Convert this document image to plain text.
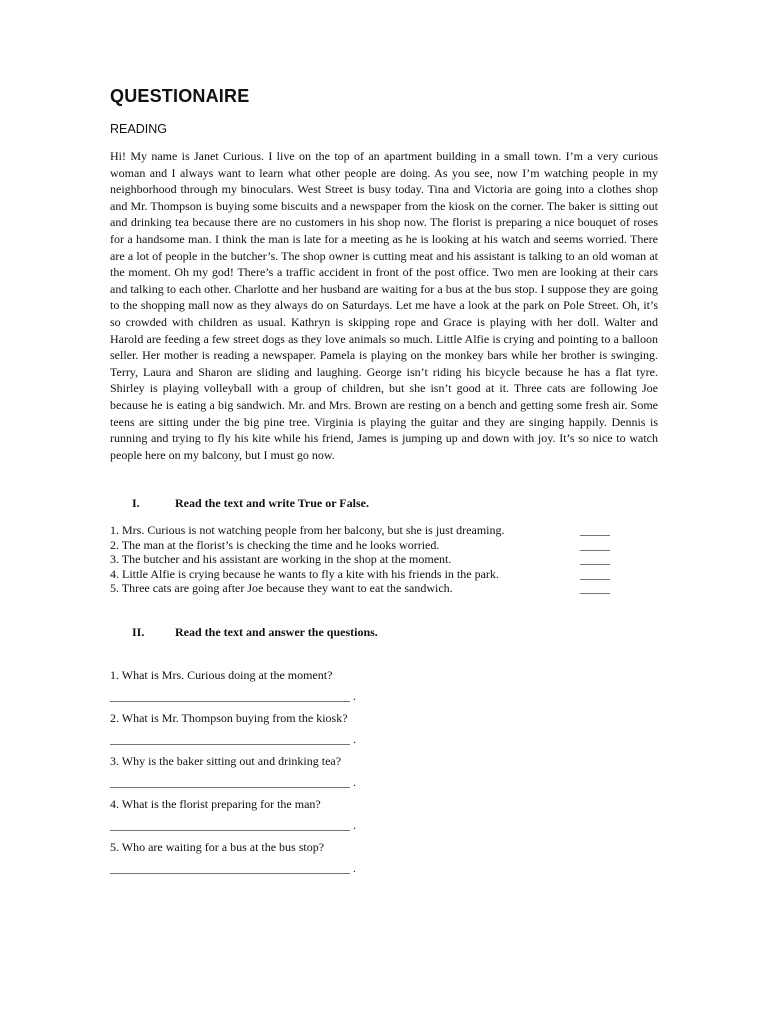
QUESTIONAIRE

READING

Hi! My name is Janet Curious. I live on the top of an apartment building in a small town. I’m a very curious woman and I always want to learn what other people are doing. As you see, now I’m watching people in my neighborhood through my binoculars. West Street is busy today. Tina and Victoria are going into a clothes shop and Mr. Thompson is buying some biscuits and a newspaper from the kiosk on the corner. The baker is sitting out and drinking tea because there are no customers in his shop now. The florist is preparing a nice bouquet of roses for a handsome man. I think the man is late for a meeting as he is looking at his watch and seems worried. There are a lot of people in the butcher’s. The shop owner is cutting meat and his assistant is talking to an old woman at the moment. Oh my god! There’s a traffic accident in front of the post office. Two men are looking at their cars and talking to each other. Charlotte and her husband are waiting for a bus at the bus stop. I suppose they are going to the shopping mall now as they always do on Saturdays. Let me have a look at the park on Pole Street. Oh, it’s so crowded with children as usual. Kathryn is skipping rope and Grace is playing with her doll. Walter and Harold are feeding a few street dogs as they love animals so much. Little Alfie is crying and pointing to a balloon seller. Her mother is reading a newspaper. Pamela is playing on the monkey bars while her brother is swinging. Terry, Laura and Sharon are sliding and laughing. George isn’t riding his bicycle because he has a flat tyre. Shirley is playing volleyball with a group of children, but she isn’t good at it. Three cats are following Joe because he is eating a big sandwich. Mr. and Mrs. Brown are resting on a bench and getting some fresh air. Some teens are sitting under the big pine tree. Virginia is playing the guitar and they are singing happily. Dennis is running and trying to fly his kite while his friend, James is jumping up and down with joy. It’s so nice to watch people here on my balcony, but I must go now.

I.	Read the text and write True or False.

1. Mrs. Curious is not watching people from her balcony, but she is just dreaming.	_____
2. The man at the florist’s is checking the time and he looks worried.	_____
3. The butcher and his assistant are working in the shop at the moment.	_____
4. Little Alfie is crying because he wants to fly a kite with his friends in the park.	_____
5. Three cats are going after Joe because they want to eat the sandwich.	_____

II.	Read the text and answer the questions.

1. What is Mrs. Curious doing at the moment?

________________________________________ .

2. What is Mr. Thompson buying from the kiosk?

________________________________________ .

3. Why is the baker sitting out and drinking tea?

________________________________________ .

4. What is the florist preparing for the man?

________________________________________ .

5. Who are waiting for a bus at the bus stop?

________________________________________ .
